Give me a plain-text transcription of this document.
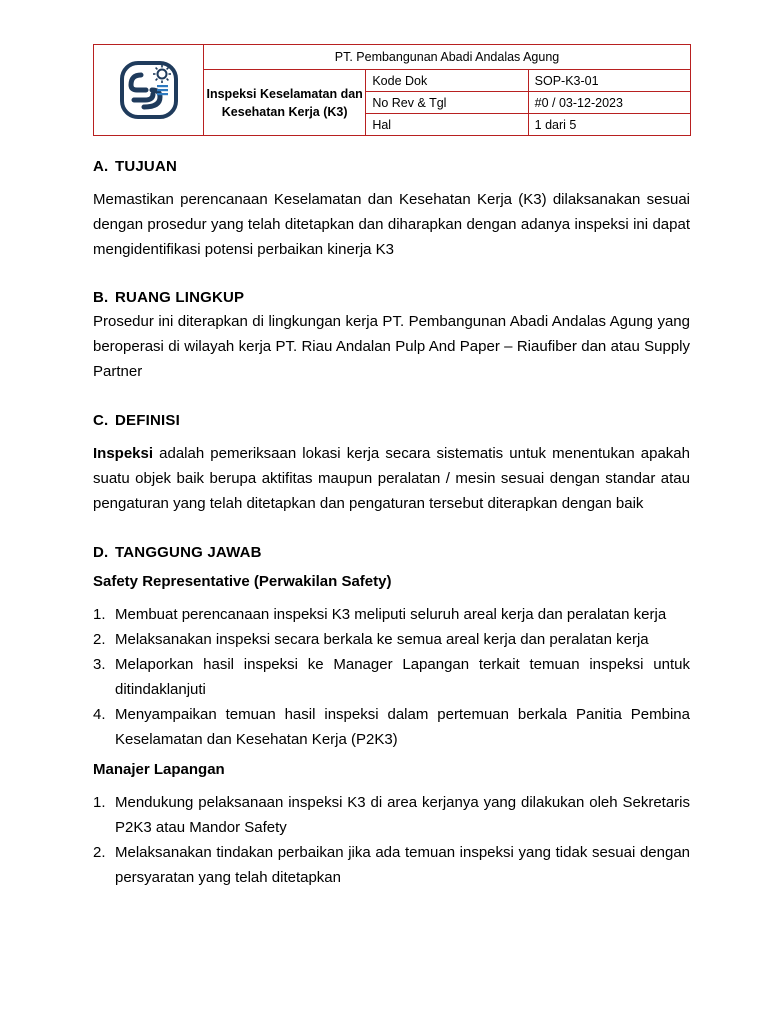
	PT. Pembangunan Abadi Andalas Agung		
	Inspeksi Keselamatan dan Kesehatan Kerja (K3)	Kode Dok	SOP-K3-01
		No Rev & Tgl	#0 / 03-12-2023
		Hal	1 dari 5
A. TUJUAN

Memastikan perencanaan Keselamatan dan Kesehatan Kerja (K3) dilaksanakan sesuai dengan prosedur yang telah ditetapkan dan diharapkan dengan adanya inspeksi ini dapat mengidentifikasi potensi perbaikan kinerja K3

B. RUANG LINGKUP

Prosedur ini diterapkan di lingkungan kerja PT. Pembangunan Abadi Andalas Agung yang beroperasi di wilayah kerja PT. Riau Andalan Pulp And Paper – Riaufiber dan atau Supply Partner

C. DEFINISI

Inspeksi adalah pemeriksaan lokasi kerja secara sistematis untuk menentukan apakah suatu objek baik berupa aktifitas maupun peralatan / mesin sesuai dengan standar atau pengaturan yang telah ditetapkan dan pengaturan tersebut diterapkan dengan baik

D. TANGGUNG JAWAB
Safety Representative (Perwakilan Safety)
1. Membuat perencanaan inspeksi K3 meliputi seluruh areal kerja dan peralatan kerja
2. Melaksanakan inspeksi secara berkala ke semua areal kerja dan peralatan kerja
3. Melaporkan hasil inspeksi ke Manager Lapangan terkait temuan inspeksi untuk ditindaklanjuti
4. Menyampaikan temuan hasil inspeksi dalam pertemuan berkala Panitia Pembina Keselamatan dan Kesehatan Kerja (P2K3)
Manajer Lapangan
1. Mendukung pelaksanaan inspeksi K3 di area kerjanya yang dilakukan oleh Sekretaris P2K3 atau Mandor Safety
2. Melaksanakan tindakan perbaikan jika ada temuan inspeksi yang tidak sesuai dengan persyaratan yang telah ditetapkan
